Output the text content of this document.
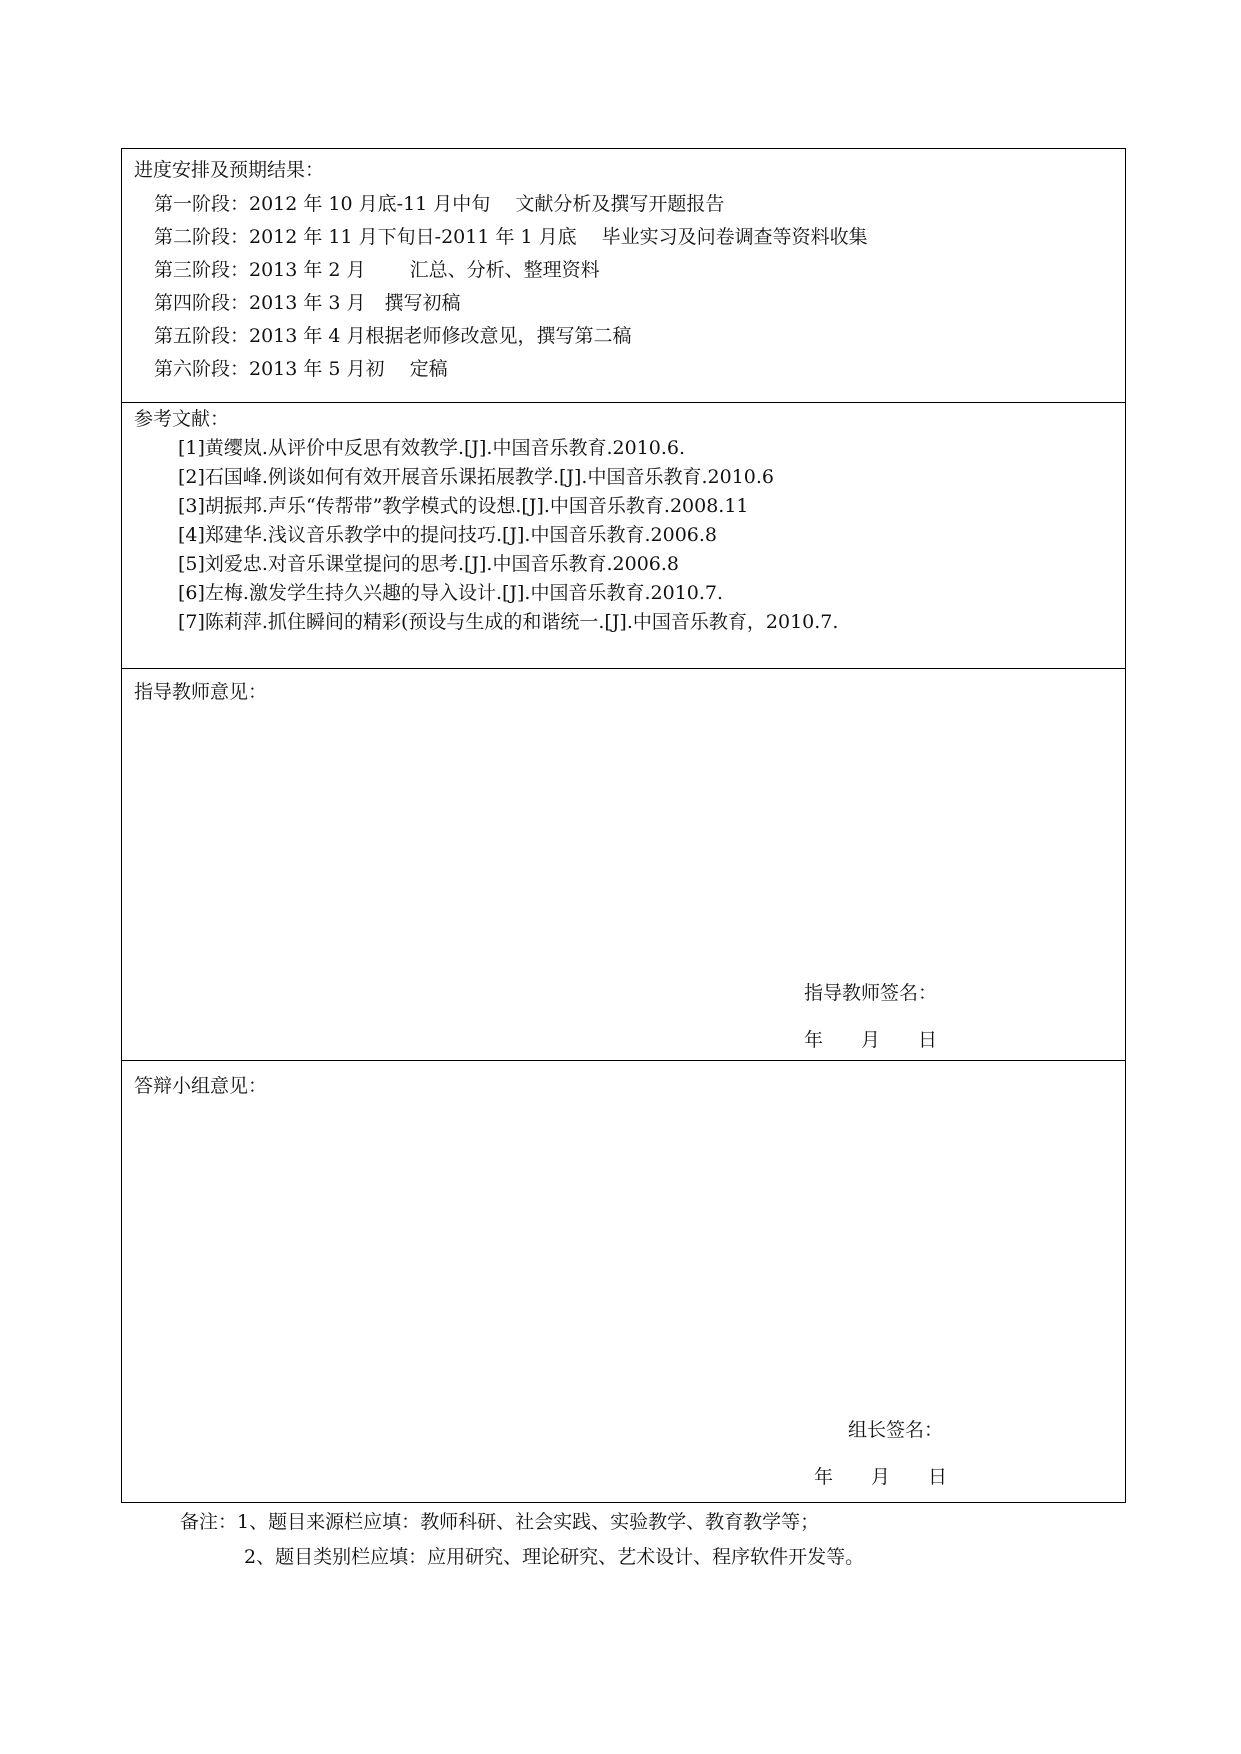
进度安排及预期结果：
第一阶段：2012 年 10 月底-11 月中旬　 文献分析及撰写开题报告
第二阶段：2012 年 11 月下旬日-2011 年 1 月底　 毕业实习及问卷调查等资料收集
第三阶段：2013 年 2 月　　 汇总、分析、整理资料
第四阶段：2013 年 3 月　撰写初稿
第五阶段：2013 年 4 月根据老师修改意见，撰写第二稿
第六阶段：2013 年 5 月初　 定稿
参考文献：
[1]黄缨岚.从评价中反思有效教学.[J].中国音乐教育.2010.6.
[2]石国峰.例谈如何有效开展音乐课拓展教学.[J].中国音乐教育.2010.6
[3]胡振邦.声乐“传帮带”教学模式的设想.[J].中国音乐教育.2008.11
[4]郑建华.浅议音乐教学中的提问技巧.[J].中国音乐教育.2006.8
[5]刘爱忠.对音乐课堂提问的思考.[J].中国音乐教育.2006.8
[6]左梅.激发学生持久兴趣的导入设计.[J].中国音乐教育.2010.7.
[7]陈莉萍.抓住瞬间的精彩(预设与生成的和谐统一.[J].中国音乐教育，2010.7.
指导教师意见：
指导教师签名：
年　　月　　日
答辩小组意见：
组长签名：
年　　月　　日
备注：1、题目来源栏应填：教师科研、社会实践、实验教学、教育教学等；
2、题目类别栏应填：应用研究、理论研究、艺术设计、程序软件开发等。
